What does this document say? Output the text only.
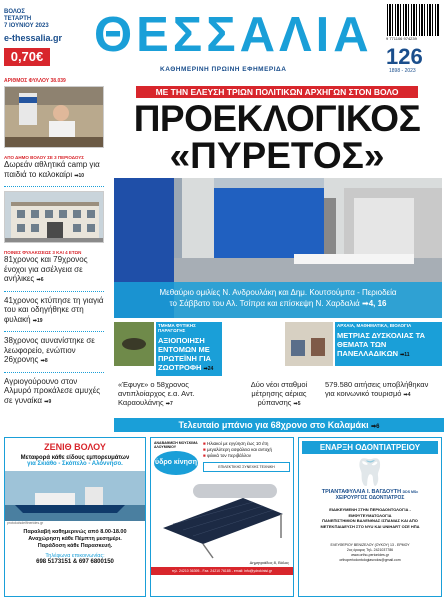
ΒΟΛΟΣ
ΤΕΤΑΡΤΗ
7 ΙΟΥΝΙΟΥ 2023
e-thessalia.gr
0,70€ ΘΕΣΣΑΛΙΑ
ΚΑΘΗΜΕΡΙΝΗ ΠΡΩΙΝΗ ΕΦΗΜΕΡΙΔΑ
9 771106 974239
126
1898 - 2023
ΑΡΙΘΜΟΣ ΦΥΛΛΟΥ 38.039
ΑΠΟ ΔΗΜΟ ΒΟΛΟΥ ΣΕ 3 ΠΕΡΙΟΔΟΥΣ
Δωρεάν αθλητικά camp για παιδιά το καλοκαίρι ➡10
ΠΟΙΝΕΣ ΦΥΛΑΚΙΣΕΩΣ 3 ΚΑΙ 4 ΕΤΩΝ
81χρονος και 79χρονος ένοχοι για ασέλγεια σε ανήλικες ➡6
41χρονος κτύπησε τη γιαγιά του και οδηγήθηκε στη φυλακή ➡19
38χρονος αυναvίστηκε σε λεωφορείο, ενώπιον 26χρονης ➡8
Αγριογούρουνο στον Αλμυρό προκάλεσε αμυχές σε γυναίκα ➡9
ΜΕ ΤΗΝ ΕΛΕΥΣΗ ΤΡΙΩΝ ΠΟΛΙΤΙΚΩΝ ΑΡΧΗΓΩΝ ΣΤΟΝ ΒΟΛΟ
ΠΡΟΕΚΛΟΓΙΚΟΣ
«ΠΥΡΕΤΟΣ»
Μεθαύριο ομιλίες Ν. Ανδρουλάκη και Δημ. Κουτσούμπα - Περιοδεία
το Σάββατο του Αλ. Τσίπρα και επίσκεψη Ν. Χαρδαλιά ➡4, 16
ΤΜΗΜΑ ΦΥΤΙΚΗΣ ΠΑΡΑΓΩΓΗΣ
ΑΞΙΟΠΟΙΗΣΗ ΕΝΤΟΜΩΝ ΜΕ ΠΡΩΤΕΪΝΗ ΓΙΑ ΖΩΟΤΡΟΦΗ ➡24
ΑΡΧΑΙΑ, ΜΑΘΗΜΑΤΙΚΑ, ΒΙΟΛΟΓΙΑ
ΜΕΤΡΙΑΣ ΔΥΣΚΟΛΙΑΣ ΤΑ ΘΕΜΑΤΑ ΤΩΝ ΠΑΝΕΛΛΑΔΙΚΩΝ ➡11
«Έφυγε» ο 58χρονος αντιπλοίαρχος ε.α. Αντ. Καραουλάνης ➡7
Δύο νέοι σταθμοί μέτρησης αέριας ρύπανσης ➡5
579.580 αιτήσεις υποβλήθηκαν για κοινωνικό τουρισμό ➡4
Τελευταίο μπάνιο για 68χρονο στο Καλαμάκι ➡6
ΖΕΝΙΘ ΒΟΛΟΥ
Μεταφορά κάθε είδους εμπορευμάτων
για Σκιάθο - Σκόπελο - Αλόννησο.
protokolsdelfinerides.gr
Παραλαβή καθημερινώς από 8.00-18.00
Αναχώρηση κάθε Πέμπτη μεσημέρι.
Παράδοση κάθε Παρασκευή.
Τηλέφωνα επικοινωνίας:
698 5173151 & 697 6800150
ΑΝΑΒΑΘΜΙΣΗ ΜΟΥΣΚΙΜΑ ΑΛΟΥΜΙΝΙΟΥ
ύδρο κίνηση
■ Ηλιακοί με εγγύηση έως 10 έτη
■ μεγαλύτερη ασφάλεια και αντοχή
■ φιλικά τον περιβάλλον
ΕΠΙΛΕΚΤΙΚΗΣ ΣΥΝΕΧΗΣ ΤΕΧΝΙΚΗ
Δημητριάδος 8, Βόλος
τηλ. 24210 36395 - Fax. 24210 76185 - email: info@ydrokinisi.gr
ΕΝΑΡΞΗ ΟΔΟΝΤΙΑΤΡΕΙΟΥ
🦷
ΤΡΙΑΝΤΑΦΥΛΛΙΑ Ι. ΒΑΓΔΟΥΤΗ DDS MSc
ΧΕΙΡΟΥΡΓΟΣ ΟΔΟΝΤΙΑΤΡΟΣ
ΕΙΔΙΚΕΥΜΕΝΗ ΣΤΗΝ ΠΕΡΙΟΔΟΝΤΟΛΟΓΙΑ -
ΕΜΦΥΤΕΥΜΑΤΟΛΟΓΙΑ
ΠΑΝΕΠΙΣΤΗΜΙΟΝ ΒΑΛΕΝΘΙΑΣ ΙΣΠΑΝΙΑΣ ΚΑΙ ΑΠΟ
ΜΕΤΕΚΠΑΙΔΕΥΣΗ ΣΤΟ NYU ΚΑΙ UNIHART ΟΣΕ ΗΠΑ
ΕΛΕΥΘΕΡΙΟΥ ΒΕΝΙΖΕΛΟΥ (ΟΥΚΟΥ) 13 - ΕΡΜΟΥ
2ος όροφος Τηλ. 2421037786
www.ortho-perionides.gr
orthoperiodontologiasvolos@gmail.com
